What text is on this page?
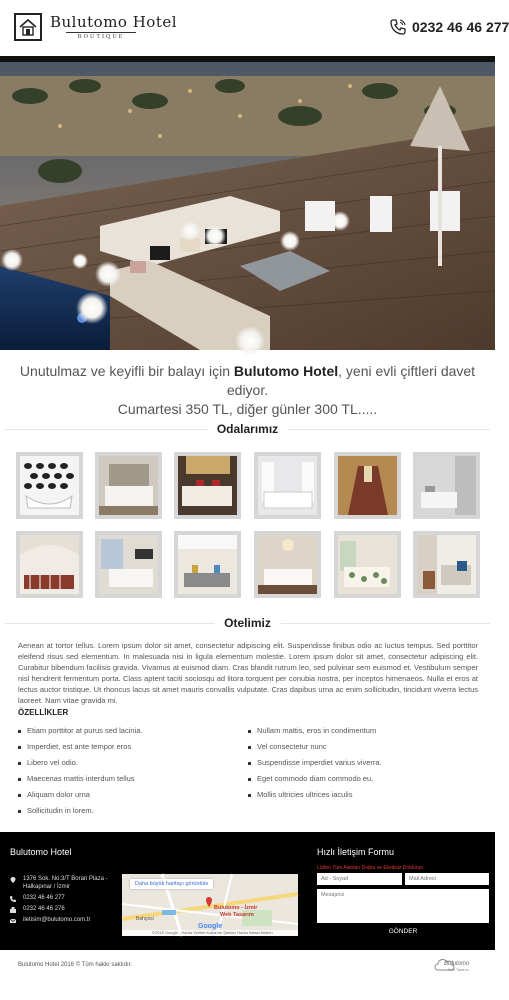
Bulutomo Hotel
BOUTIQUE
0232 46 46 277
Unutulmaz ve keyifli bir balayı için Bulutomo Hotel, yeni evli çiftleri davet ediyor.
Cumartesi 350 TL, diğer günler 300 TL.....
Odalarımız
Otelimiz
Aenean at tortor tellus. Lorem ipsum dolor sit amet, consectetur adipiscing elit. Suspendisse finibus odio ac luctus tempus. Sed porttitor eleifend risus sed elementum. In malesuada nisi in ligula elementum molestie. Lorem ipsum dolor sit amet, consectetur adipiscing elit. Curabitur bibendum facilisis gravida. Vivamus at euismod diam. Cras blandit rutrum leo, sed pulvinar sem euismod et. Vestibulum semper nisl hendrerit fermentum porta. Class aptent taciti sociosqu ad litora torquent per conubia nostra, per inceptos himenaeos. Nulla et eros at lectus auctor tristique. Ut rhoncus lacus sit amet mauris convallis vulputate. Cras dapibus urna ac enim sollicitudin, tincidunt viverra lectus laoreet. Nam vitae gravida mi.
ÖZELLİKLER
Etiam porttitor at purus sed lacinia.
Imperdiet, est ante tempor eros
Libero vel odio.
Maecenas mattis interdum tellus
Aliquam dolor urna
Sollicitudin in lorem.
Nullam mattis, eros in condimentum
Vel consectetur nunc
Suspendisse imperdiet varius viverra.
Eget commodo diam commodo eu.
Mollis ultricies ultrices iaculis
Bulutomo Hotel
1376 Sok. No:3/T Boran Plaza -
Halkapınar / İzmir
0232 46 46 277
0232 46 46 276
iletisim@bulutomo.com.tr
Daha büyük haritayı görüntüle
Bulutomo - İzmir
Web Tasarım
Bahçesi
Google
©2015 Google - Harita Verileri Kullanım Şartları Harita hatası bildirin
Hızlı İletişim Formu
Lütfen Tüm Alanları Doğru ve Eksiksiz Doldurun
Ad - Soyad
Mail Adresi
Mesajınız
GÖNDER
Bulutomo Hotel 2016 © Tüm hakkı saklıdır.	Bulutomo
Web Tasarım
